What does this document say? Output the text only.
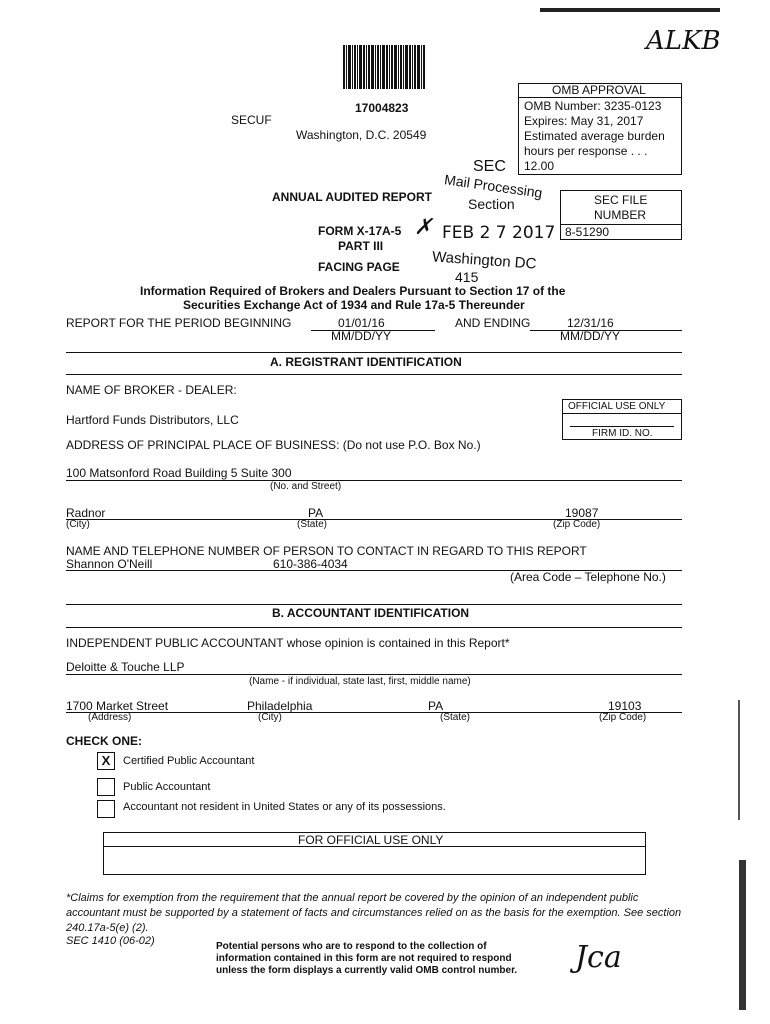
17004823
SECUF
Washington, D.C. 20549
ALKB
OMB APPROVAL
OMB Number: 3235-0123
Expires: May 31, 2017
Estimated average burden
hours per response . . .
12.00
SEC
Mail Processing
Section
FEB 2 7 2017
Washington DC
415
ANNUAL AUDITED REPORT
FORM X-17A-5 ✗
PART III
FACING PAGE
Information Required of Brokers and Dealers Pursuant to Section 17 of the
Securities Exchange Act of 1934 and Rule 17a-5 Thereunder
SEC FILE
NUMBER
8-51290
REPORT FOR THE PERIOD BEGINNING	01/01/16
MM/DD/YY
AND ENDING	12/31/16
MM/DD/YY
A. REGISTRANT IDENTIFICATION
NAME OF BROKER - DEALER:
Hartford Funds Distributors, LLC
OFFICIAL USE ONLY
FIRM ID. NO.
ADDRESS OF PRINCIPAL PLACE OF BUSINESS: (Do not use P.O. Box No.)
100 Matsonford Road Building 5 Suite 300
(No. and Street)
Radnor	PA	19087
(City)	(State)	(Zip Code)
NAME AND TELEPHONE NUMBER OF PERSON TO CONTACT IN REGARD TO THIS REPORT
Shannon O'Neill	610-386-4034
(Area Code – Telephone No.)
B. ACCOUNTANT IDENTIFICATION
INDEPENDENT PUBLIC ACCOUNTANT whose opinion is contained in this Report*
Deloitte & Touche LLP
(Name - if individual, state last, first, middle name)
1700 Market Street	Philadelphia	PA	19103
(Address)	(City)	(State)	(Zip Code)
CHECK ONE:
X	Certified Public Accountant
Public Accountant
Accountant not resident in United States or any of its possessions.
FOR OFFICIAL USE ONLY
*Claims for exemption from the requirement that the annual report be covered by the opinion of an independent public accountant must be supported by a statement of facts and circumstances relied on as the basis for the exemption. See section 240.17a-5(e) (2).
SEC 1410 (06-02)	Potential persons who are to respond to the collection of
information contained in this form are not required to respond
unless the form displays a currently valid OMB control number. Jca
